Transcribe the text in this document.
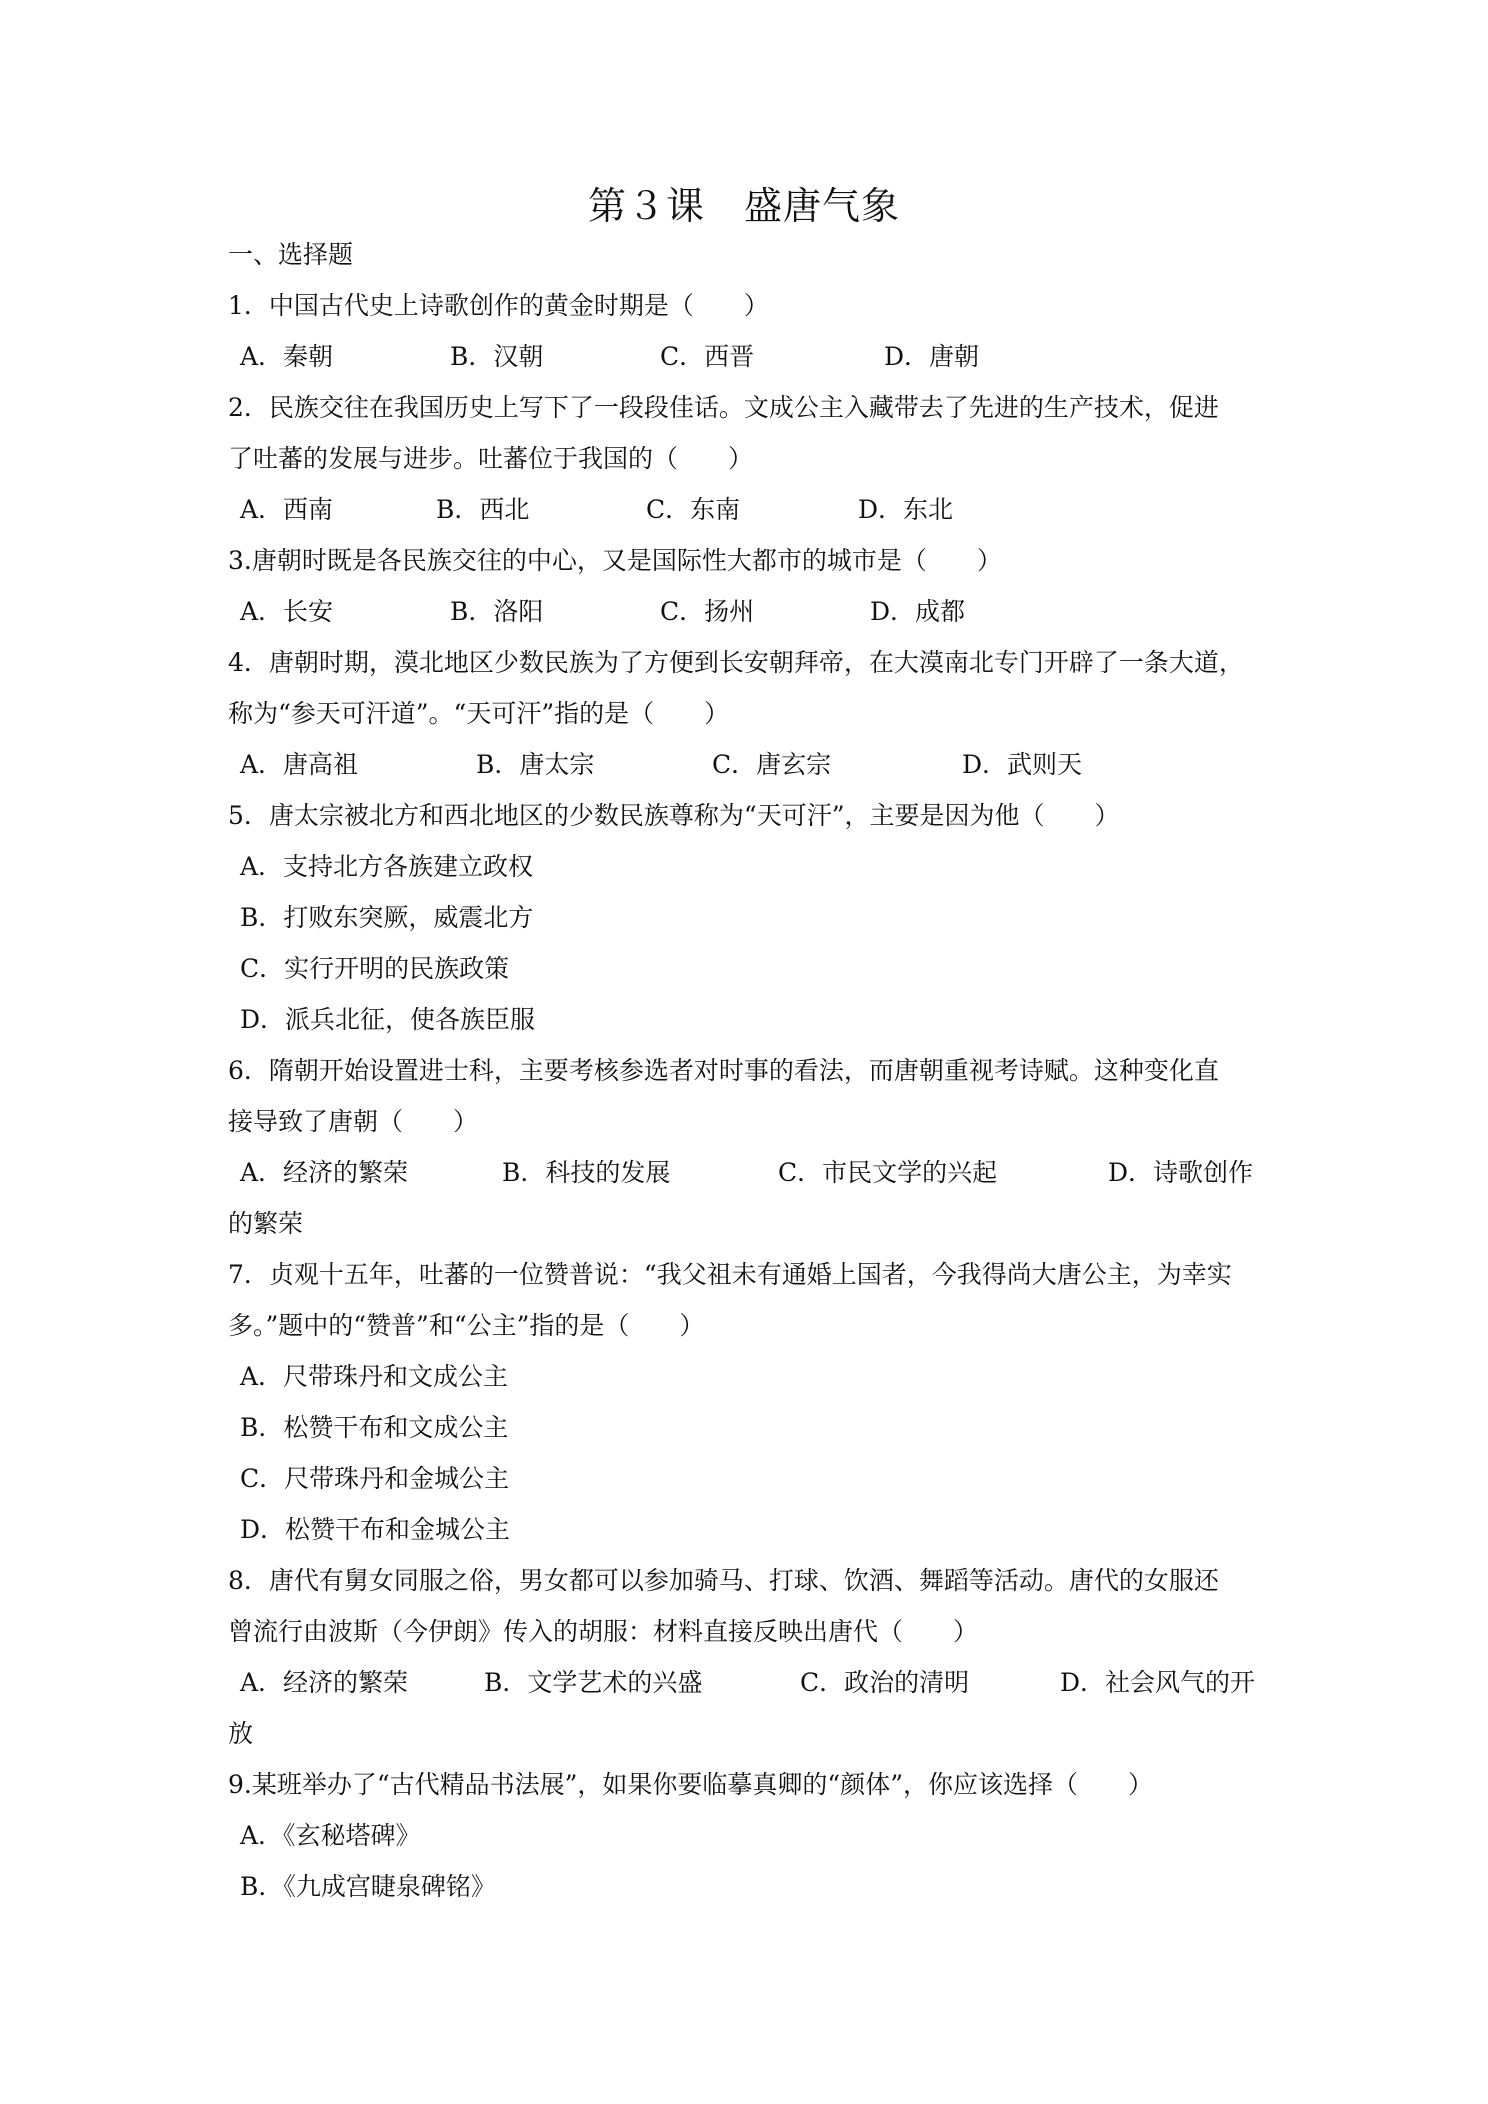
第３课　盛唐气象
一、选择题
1．中国古代史上诗歌创作的黄金时期是（　　）
A．秦朝	B．汉朝	C．西晋	D．唐朝
2．民族交往在我国历史上写下了一段段佳话。文成公主入藏带去了先进的生产技术，促进
了吐蕃的发展与进步。吐蕃位于我国的（　　）
A．西南	B．西北	C．东南	D．东北
3.唐朝时既是各民族交往的中心，又是国际性大都市的城市是（　　）
A．长安	B．洛阳	C．扬州	D．成都
4．唐朝时期，漠北地区少数民族为了方便到长安朝拜帝，在大漠南北专门开辟了一条大道，
称为“参天可汗道”。“天可汗”指的是（　　）
A．唐高祖	B．唐太宗	C．唐玄宗	D．武则天
5．唐太宗被北方和西北地区的少数民族尊称为“天可汗”，主要是因为他（　　）
A．支持北方各族建立政权
B．打败东突厥，威震北方
C．实行开明的民族政策
D．派兵北征，使各族臣服
6．隋朝开始设置进士科，主要考核参选者对时事的看法，而唐朝重视考诗赋。这种变化直
接导致了唐朝（　　）
A．经济的繁荣	B．科技的发展	C．市民文学的兴起	D．诗歌创作
的繁荣
7．贞观十五年，吐蕃的一位赞普说：“我父祖未有通婚上国者，今我得尚大唐公主，为幸实
多。”题中的“赞普”和“公主”指的是（　　）
A．尺带珠丹和文成公主
B．松赞干布和文成公主
C．尺带珠丹和金城公主
D．松赞干布和金城公主
8．唐代有舅女同服之俗，男女都可以参加骑马、打球、饮酒、舞蹈等活动。唐代的女服还
曾流行由波斯（今伊朗》传入的胡服：材料直接反映出唐代（　　）
A．经济的繁荣	B．文学艺术的兴盛	C．政治的清明	D．社会风气的开
放
9.某班举办了“古代精品书法展”，如果你要临摹真卿的“颜体”，你应该选择（　　）
A．《玄秘塔碑》
B．《九成宫睫泉碑铭》
